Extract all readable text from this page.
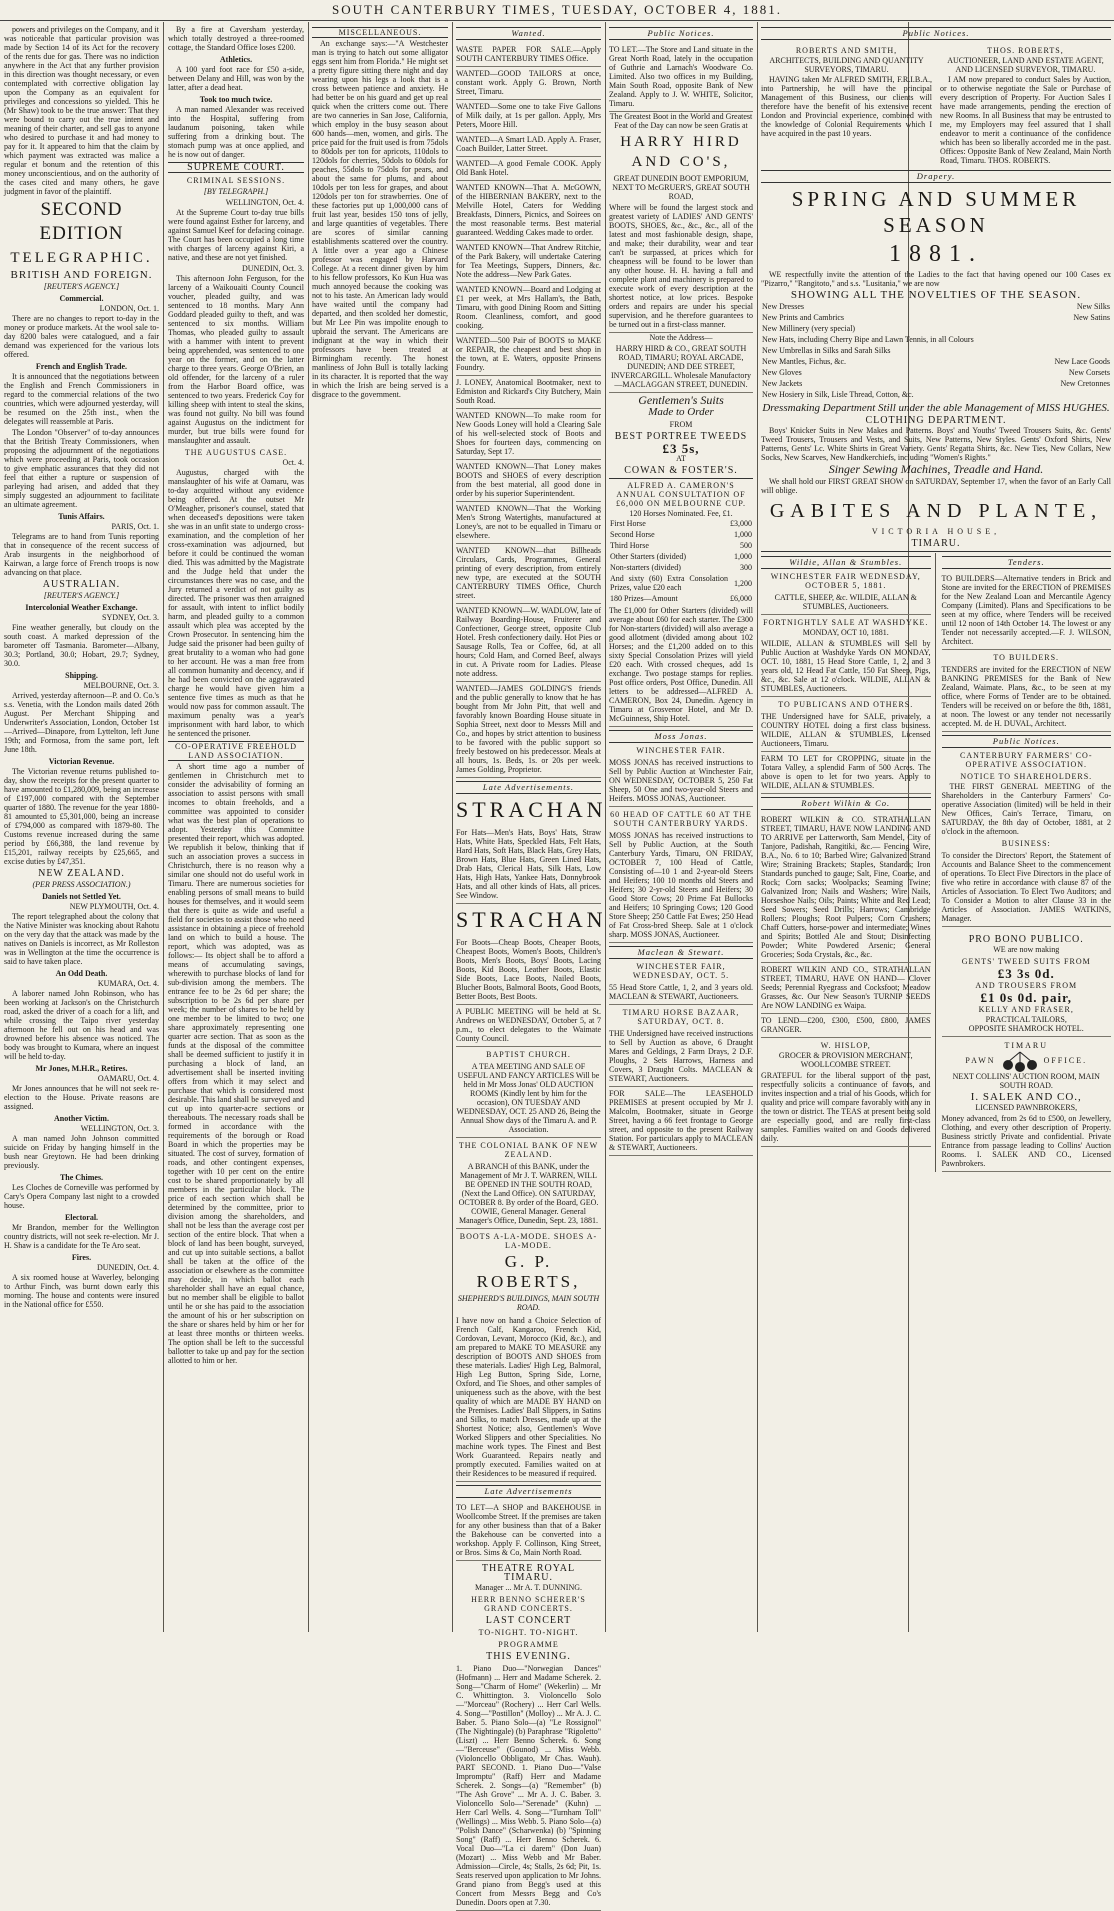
SOUTH CANTERBURY TIMES, TUESDAY, OCTOBER 4, 1881.

powers and privileges on the Company, and it was noticeable that particular provision was made by Section 14 of its Act for the recovery of the rents due for gas. There was no indiction anywhere in the Act that any further provision in this direction was thought necessary, or even contemplated with corrective obligation lay upon the Company as an equivalent for privileges and concessions so yielded. This he (Mr Shaw) took to be the true answer: That they were bound to carry out the true intent and meaning of their charter, and sell gas to anyone who desired to purchase it and had money to pay for it. It appeared to him that the claim by which payment was extracted was malice a regular et bonum and the retention of this money unconscientious, and on the authority of the cases cited and many others, he gave judgment in favor of the plaintiff.

SECOND EDITION
TELEGRAPHIC.
BRITISH AND FOREIGN.
[REUTER'S AGENCY.]
Commercial.
LONDON, Oct. 1.

There are no changes to report to-day in the money or produce markets. At the wool sale to-day 8200 bales were catalogued, and a fair demand was experienced for the various lots offered.

French and English Trade.

It is announced that the negotiations between the English and French Commissioners in regard to the commercial relations of the two countries, which were adjourned yesterday, will be resumed on the 25th inst., when the delegates will reassemble at Paris.

The London "Observer" of to-day announces that the British Treaty Commissioners, when proposing the adjournment of the negotiations which were proceeding at Paris, took occasion to give emphatic assurances that they did not feel that either a rupture or suspension of parleying had arisen, and added that they simply suggested an adjournment to facilitate an ultimate agreement.

Tunis Affairs.
PARIS, Oct. 1.

Telegrams are to hand from Tunis reporting that in consequence of the recent success of Arab insurgents in the neighborhood of Kairwan, a large force of French troops is now advancing on that place.

AUSTRALIAN.
[REUTER'S AGENCY.]
Intercolonial Weather Exchange.
SYDNEY, Oct. 3.

Fine weather generally, but cloudy on the south coast. A marked depression of the barometer off Tasmania. Barometer—Albany, 30.3; Portland, 30.0; Hobart, 29.7; Sydney, 30.0.

Shipping.
MELBOURNE, Oct. 3.

Arrived, yesterday afternoon—P. and O. Co.'s s.s. Venetia, with the London mails dated 26th August. Per Merchant Shipping and Underwriter's Association, London, October 1st—Arrived—Dinapore, from Lyttelton, left June 19th; and Formosa, from the same port, left June 18th.

Victorian Revenue.

The Victorian revenue returns published to-day, show the receipts for the present quarter to have amounted to £1,280,009, being an increase of £197,000 compared with the September quarter of 1880. The revenue for the year 1880-81 amounted to £5,301,000, being an increase of £794,000 as compared with 1879-80. The Customs revenue increased during the same period by £66,388, the land revenue by £15,201, railway receipts by £25,665, and excise duties by £47,351.

NEW ZEALAND.
(PER PRESS ASSOCIATION.)
Daniels not Settled Yet.
NEW PLYMOUTH, Oct. 4.

The report telegraphed about the colony that the Native Minister was knocking about Rahotu on the very day that the attack was made by the natives on Daniels is incorrect, as Mr Rolleston was in Wellington at the time the occurrence is said to have taken place.

An Odd Death.
KUMARA, Oct. 4.

A laborer named John Robinson, who has been working at Jackson's on the Christchurch road, asked the driver of a coach for a lift, and while crossing the Taipo river yesterday afternoon he fell out on his head and was drowned before his absence was noticed. The body was brought to Kumara, where an inquest will be held to-day.

Mr Jones, M.H.R., Retires.
OAMARU, Oct. 4.

Mr Jones announces that he will not seek re-election to the House. Private reasons are assigned.

Another Victim.
WELLINGTON, Oct. 3.

A man named John Johnson committed suicide on Friday by hanging himself in the bush near Greytown. He had been drinking previously.

The Chimes.

Les Cloches de Corneville was performed by Cary's Opera Company last night to a crowded house.

Electoral.

Mr Brandon, member for the Wellington country districts, will not seek re-election. Mr J. H. Shaw is a candidate for the Te Aro seat.

Fires.
DUNEDIN, Oct. 4.

A six roomed house at Waverley, belonging to Arthur Finch, was burnt down early this morning. The house and contents were insured in the National office for £550.

By a fire at Caversham yesterday, which totally destroyed a three-roomed cottage, the Standard Office loses £200.

Athletics.

A 100 yard foot race for £50 a-side, between Delany and Hill, was won by the latter, after a dead heat.

Took too much twice.

A man named Alexander was received into the Hospital, suffering from laudanum poisoning, taken while suffering from a drinking bout. The stomach pump was at once applied, and he is now out of danger.

SUPREME COURT.
CRIMINAL SESSIONS.
[BY TELEGRAPH.]
WELLINGTON, Oct. 4.

At the Supreme Court to-day true bills were found against Esther for larceny, and against Samuel Keef for defacing coinage. The Court has been occupied a long time with charges of larceny against Kiri, a native, and these are not yet finished.

DUNEDIN, Oct. 3.

This afternoon John Ferguson, for the larceny of a Waikouaiti County Council voucher, pleaded guilty, and was sentenced to 18 months. Mary Ann Goddard pleaded guilty to theft, and was sentenced to six months. William Thomas, who pleaded guilty to assault with a hammer with intent to prevent being apprehended, was sentenced to one year on the former, and on the latter charge to three years. George O'Brien, an old offender, for the larceny of a ruler from the Harbor Board office, was sentenced to two years. Frederick Coy for killing sheep with intent to steal the skins, was found not guilty. No bill was found against Augustus on the indictment for murder, but true bills were found for manslaughter and assault.

THE AUGUSTUS CASE.
Oct. 4.

Augustus, charged with the manslaughter of his wife at Oamaru, was to-day acquitted without any evidence being offered. At the outset Mr O'Meagher, prisoner's counsel, stated that when deceased's depositions were taken she was in an unfit state to undergo cross-examination, and the completion of her cross-examination was adjourned, but before it could be continued the woman died. This was admitted by the Magistrate and the Judge held that under the circumstances there was no case, and the Jury returned a verdict of not guilty as directed. The prisoner was then arraigned for assault, with intent to inflict bodily harm, and pleaded guilty to a common assault which plea was accepted by the Crown Prosecutor. In sentencing him the Judge said the prisoner had been guilty of great brutality to a woman who had gone to her account. He was a man free from all common humanity and decency, and if he had been convicted on the aggravated charge he would have given him a sentence five times as much as that he would now pass for common assault. The maximum penalty was a year's imprisonment with hard labor, to which he sentenced the prisoner.

CO-OPERATIVE FREEHOLD LAND ASSOCIATION.

A short time ago a number of gentlemen in Christchurch met to consider the advisability of forming an association to assist persons with small incomes to obtain freeholds, and a committee was appointed to consider what was the best plan of operations to adopt. Yesterday this Committee presented their report, which was adopted. We republish it below, thinking that if such an association proves a success in Christchurch, there is no reason why a similar one should not do useful work in Timaru. There are numerous societies for enabling persons of small means to build houses for themselves, and it would seem that there is quite as wide and useful a field for societies to assist those who need assistance in obtaining a piece of freehold land on which to build a house. The report, which was adopted, was as follows:— Its object shall be to afford a means of accumulating savings, wherewith to purchase blocks of land for sub-division among the members. The entrance fee to be 2s 6d per share; the subscription to be 2s 6d per share per week; the number of shares to be held by one member to be limited to two; one share approximately representing one quarter acre section. That as soon as the funds at the disposal of the committee shall be deemed sufficient to justify it in purchasing a block of land, an advertisement shall be inserted inviting offers from which it may select and purchase that which is considered most desirable. This land shall be surveyed and cut up into quarter-acre sections or thereabouts. The necessary roads shall be formed in accordance with the requirements of the borough or Road Board in which the properties may be situated. The cost of survey, formation of roads, and other contingent expenses, together with 10 per cent on the entire cost to be shared proportionately by all members in the particular block. The price of each section which shall be determined by the committee, prior to division among the shareholders, and shall not be less than the average cost per section of the entire block. That when a block of land has been bought, surveyed, and cut up into suitable sections, a ballot shall be taken at the office of the association or elsewhere as the committee may decide, in which ballot each shareholder shall have an equal chance, but no member shall be eligible to ballot until he or she has paid to the association the amount of his or her subscription on the share or shares held by him or her for at least three months or thirteen weeks. The option shall be left to the successful ballotter to take up and pay for the section allotted to him or her.

MISCELLANEOUS.

An exchange says:—"A Westchester man is trying to hatch out some alligator eggs sent him from Florida." He might set a pretty figure sitting there night and day wearing upon his legs a look that is a cross between patience and anxiety. He had better be on his guard and get up real quick when the critters come out. There are two canneries in San Jose, California, which employ in the busy season about 600 hands—men, women, and girls. The price paid for the fruit used is from 75dols to 80dols per ton for apricots, 110dols to 120dols for cherries, 50dols to 60dols for peaches, 55dols to 75dols for pears, and about the same for plums, and about 10dols per ton less for grapes, and about 120dols per ton for strawberries. One of these factories put up 1,000,000 cans of fruit last year, besides 150 tons of jelly, and large quantities of vegetables. There are scores of similar canning establishments scattered over the country. A little over a year ago a Chinese professor was engaged by Harvard College. At a recent dinner given by him to his fellow professors, Ko Kun Hua was much annoyed because the cooking was not to his taste. An American lady would have waited until the company had departed, and then scolded her domestic, but Mr Lee Pin was impolite enough to upbraid the servant. The Americans are indignant at the way in which their professors have been treated at Birmingham recently. The honest manliness of John Bull is totally lacking in its character. It is reported that the way in which the Irish are being served is a disgrace to the government.

Wanted.
WASTE PAPER FOR SALE.—Apply SOUTH CANTERBURY TIMES Office.
WANTED—GOOD TAILORS at once, constant work. Apply G. Brown, North Street, Timaru.
WANTED—Some one to take Five Gallons of Milk daily, at 1s per gallon. Apply, Mrs Peters, Moore Hill.
WANTED—A Smart LAD. Apply A. Fraser, Coach Builder, Latter Street.
WANTED—A good Female COOK. Apply Old Bank Hotel.
WANTED KNOWN—That A. McGOWN, of the HIBERNIAN BAKERY, next to the Melville Hotel, Caters for Wedding Breakfasts, Dinners, Picnics, and Soirees on the most reasonable terms. Best material guaranteed. Wedding Cakes made to order.
WANTED KNOWN—That Andrew Ritchie, of the Park Bakery, will undertake Catering for Tea Meetings, Suppers, Dinners, &c. Note the address—New Park Gates.
WANTED KNOWN—Board and Lodging at £1 per week, at Mrs Hallam's, the Bath, Timaru, with good Dining Room and Sitting Room. Cleanliness, comfort, and good cooking.
WANTED—500 Pair of BOOTS to MAKE or REPAIR, the cheapest and best shop in the town, at E. Waters, opposite Prinsens Foundry.
J. LONEY, Anatomical Bootmaker, next to Edmiston and Rickard's City Butchery, Main South Road.
WANTED KNOWN—To make room for New Goods Loney will hold a Clearing Sale of his well-selected stock of Boots and Shoes for fourteen days, commencing on Saturday, Sept 17.
WANTED KNOWN—That Loney makes BOOTS and SHOES of every description from the best material, all good done in order by his superior Superintendent.
WANTED KNOWN—That the Working Men's Strong Watertights, manufactured at Loney's, are not to be equalled in Timaru or elsewhere.
WANTED KNOWN—that Billheads Circulars, Cards, Programmes, General printing of every description, from entirely new type, are executed at the SOUTH CANTERBURY TIMES Office, Church street.
WANTED KNOWN—W. WADLOW, late of Railway Boarding-House, Fruiterer and Confectioner, George street, opposite Club Hotel. Fresh confectionery daily. Hot Pies or Sausage Rolls, Tea or Coffee, 6d, at all hours; Cold Ham, and Corned Beef, always in cut. A Private room for Ladies. Please note address.
WANTED—JAMES GOLDING'S friends and the public generally to know that he has bought from Mr John Pitt, that well and favorably known Boarding House situate in Sophia Street, next door to Messrs Mill and Co., and hopes by strict attention to business to be favored with the public support so freely bestowed on his predecessor. Meals at all hours, 1s. Beds, 1s. or 20s per week. James Golding, Proprietor.
Late Advertisements.
STRACHAN
For Hats—Men's Hats, Boys' Hats, Straw Hats, White Hats, Speckled Hats, Felt Hats, Hard Hats, Soft Hats, Black Hats, Grey Hats, Brown Hats, Blue Hats, Green Lined Hats, Drab Hats, Clerical Hats, Silk Hats, Low Hats, High Hats, Yankee Hats, Donnybrook Hats, and all other kinds of Hats, all prices. See Window.
STRACHAN
For Boots—Cheap Boots, Cheaper Boots, Cheapest Boots, Women's Boots, Children's Boots, Men's Boots, Boys' Boots, Lacing Boots, Kid Boots, Leather Boots, Elastic Side Boots, Lace Boots, Nailed Boots, Blucher Boots, Balmoral Boots, Good Boots, Better Boots, Best Boots.
A PUBLIC MEETING will be held at St. Andrews on WEDNESDAY, October 5, at 7 p.m., to elect delegates to the Waimate County Council.
BAPTIST CHURCH.
A TEA MEETING AND SALE OF USEFUL AND FANCY ARTICLES Will be held in Mr Moss Jonas' OLD AUCTION ROOMS (Kindly lent by him for the occasion), ON TUESDAY AND WEDNESDAY, OCT. 25 AND 26, Being the Annual Show days of the Timaru A. and P. Association.
THE COLONIAL BANK OF NEW ZEALAND.
A BRANCH of this BANK, under the Management of Mr J. T. WARREN, WILL BE OPENED IN THE SOUTH ROAD, (Next the Land Office). ON SATURDAY, OCTOBER 8. By order of the Board, GEO. COWIE, General Manager. General Manager's Office, Dunedin, Sept. 23, 1881.
BOOTS A-LA-MODE. SHOES A-LA-MODE.
G. P. ROBERTS,
SHEPHERD'S BUILDINGS, MAIN SOUTH ROAD.
I have now on hand a Choice Selection of French Calf, Kangaroo, French Kid, Cordovan, Levant, Morocco (Kid, &c.), and am prepared to MAKE TO MEASURE any description of BOOTS AND SHOES from these materials. Ladies' High Leg, Balmoral, High Leg Button, Spring Side, Lorne, Oxford, and Tie Shoes, and other samples of uniqueness such as the above, with the best quality of which are MADE BY HAND on the Premises. Ladies' Ball Slippers, in Satins and Silks, to match Dresses, made up at the Shortest Notice; also, Gentlemen's Wove Worked Slippers and other Specialities. No machine work types. The Finest and Best Work Guaranteed. Repairs neatly and promptly executed. Families waited on at their Residences to be measured if required.
Late Advertisements
TO LET—A SHOP and BAKEHOUSE in Woollcombe Street. If the premises are taken for any other business than that of a Baker the Bakehouse can be converted into a workshop. Apply F. Collinson, King Street, or Bros. Sims & Co, Main North Road.
THEATRE ROYAL TIMARU.
Manager ... Mr A. T. DUNNING.
HERR BENNO SCHERER'S GRAND CONCERTS.
LAST CONCERT
TO-NIGHT. TO-NIGHT.
PROGRAMME
THIS EVENING.
1. Piano Duo—"Norwegian Dances" (Hofmann) ... Herr and Madame Scherek. 2. Song—"Charm of Home" (Wekerlin) ... Mr C. Whittington. 3. Violoncello Solo—"Morceau" (Rochery) ... Herr Carl Wells. 4. Song—"Postillon" (Molloy) ... Mr A. J. C. Baber. 5. Piano Solo—(a) "Le Rossignol" (The Nightingale) (b) Paraphrase "Rigoletto" (Liszt) ... Herr Benno Scherek. 6. Song—"Berceuse" (Gounod) ... Miss Webb. (Violoncello Obbligato, Mr Chas. Wauh). PART SECOND. 1. Piano Duo—"Valse Impromptu" (Raff) Herr and Madame Scherek. 2. Songs—(a) "Remember" (b) "The Ash Grove" ... Mr A. J. C. Baber. 3. Violoncello Solo—"Serenade" (Kuhn) ... Herr Carl Wells. 4. Song—"Turnham Toll" (Wellings) ... Miss Webb. 5. Piano Solo—(a) "Polish Dance" (Scharwenka) (b) "Spinning Song" (Raff) ... Herr Benno Scherek. 6. Vocal Duo—"La ci darem" (Don Juan) (Mozart) ... Miss Webb and Mr Baber. Admission—Circle, 4s; Stalls, 2s 6d; Pit, 1s. Seats reserved upon application to Mr Johns. Grand piano from Begg's used at this Concert from Messrs Begg and Co's Dunedin. Doors open at 7.30.
Public Notices.
TO LET.—The Store and Land situate in the Great North Road, lately in the occupation of Guthrie and Larnach's Woodware Co. Limited. Also two offices in my Building, Main South Road, opposite Bank of New Zealand. Apply to J. W. WHITE, Solicitor, Timaru.
The Greatest Boot in the World and Greatest Feat of the Day can now be seen Gratis at
HARRY HIRD AND CO'S,
GREAT DUNEDIN BOOT EMPORIUM, NEXT TO McGRUER'S, GREAT SOUTH ROAD,
Where will be found the largest stock and greatest variety of LADIES' AND GENTS' BOOTS, SHOES, &c., &c., &c., all of the latest and most fashionable design, shape, and make; their durability, wear and tear can't be surpassed, at prices which for cheapness will be found to be lower than any other house. H. H. having a full and complete plant and machinery is prepared to execute work of every description at the shortest notice, at low prices. Bespoke orders and repairs are under his special supervision, and he therefore guarantees to be turned out in a first-class manner.
Note the Address—
HARRY HIRD & CO., GREAT SOUTH ROAD, TIMARU; ROYAL ARCADE, DUNEDIN; AND DEE STREET, INVERCARGILL. Wholesale Manufactory—MACLAGGAN STREET, DUNEDIN.
Gentlemen's Suits
Made to Order
FROM
BEST PORTREE TWEEDS
£3 5s,
AT
COWAN & FOSTER'S.
ALFRED A. CAMERON'S ANNUAL CONSULTATION OF £6,000 ON MELBOURNE CUP.
120 Horses Nominated. Fee, £1.
First Horse	£3,000
Second Horse	1,000
Third Horse	500
Other Starters (divided)	1,000
Non-starters (divided)	300
And sixty (60) Extra Consolation Prizes, value £20 each	1,200
180 Prizes—Amount	£6,000
The £1,000 for Other Starters (divided) will average about £60 for each starter. The £300 for Non-starters (divided) will also average a good allotment (divided among about 102 Horses; and the £1,200 added on to this sixty Special Consolation Prizes will yield £20 each. With crossed cheques, add 1s exchange. Two postage stamps for replies. Post office orders, Post Office, Dunedin. All letters to be addressed—ALFRED A. CAMERON, Box 24, Dunedin. Agency in Timaru at Grosvenor Hotel, and Mr D. McGuinness, Ship Hotel.
Moss Jonas.
WINCHESTER FAIR.
MOSS JONAS has received instructions to Sell by Public Auction at Winchester Fair, ON WEDNESDAY, OCTOBER 5, 250 Fat Sheep, 50 One and two-year-old Steers and Heifers. MOSS JONAS, Auctioneer.
60 HEAD OF CATTLE 60 AT THE SOUTH CANTERBURY YARDS.
MOSS JONAS has received instructions to Sell by Public Auction, at the South Canterbury Yards, Timaru, ON FRIDAY, OCTOBER 7, 100 Head of Cattle, Consisting of—10 1 and 2-year-old Steers and Heifers; 100 10 months old Steers and Heifers; 30 2-yr-old Steers and Heifers; 30 Good Store Cows; 20 Prime Fat Bullocks and Heifers; 10 Springing Cows; 120 Good Store Sheep; 250 Cattle Fat Ewes; 250 Head of Fat Cross-bred Sheep. Sale at 1 o'clock sharp. MOSS JONAS, Auctioneer.
Maclean & Stewart.
WINCHESTER FAIR, WEDNESDAY, OCT. 5.
55 Head Store Cattle, 1, 2, and 3 years old. MACLEAN & STEWART, Auctioneers.
TIMARU HORSE BAZAAR, SATURDAY, OCT. 8.
THE Undersigned have received instructions to Sell by Auction as above, 6 Draught Mares and Geldings, 2 Farm Drays, 2 D.F. Ploughs, 2 Sets Harrows, Harness and Covers, 3 Draught Colts. MACLEAN & STEWART, Auctioneers.
FOR SALE—The LEASEHOLD PREMISES at present occupied by Mr J. Malcolm, Bootmaker, situate in George Street, having a 66 feet frontage to George street, and opposite to the present Railway Station. For particulars apply to MACLEAN & STEWART, Auctioneers.
Public Notices.
ROBERTS AND SMITH,
ARCHITECTS, BUILDING AND QUANTITY SURVEYORS, TIMARU.

HAVING taken Mr ALFRED SMITH, F.R.I.B.A., into Partnership, he will have the principal Management of this Business, our clients will therefore have the benefit of his extensive recent London and Provincial experience, combined with the knowledge of Colonial Requirements which I have acquired in the past 10 years.

THOS. ROBERTS,
AUCTIONEER, LAND AND ESTATE AGENT, AND LICENSED SURVEYOR, TIMARU.

I AM now prepared to conduct Sales by Auction, or to otherwise negotiate the Sale or Purchase of every description of Property. For Auction Sales I have made arrangements, pending the erection of new Rooms. In all Business that may be entrusted to me, my Employers may feel assured that I shall endeavor to merit a continuance of the confidence which has been so liberally accorded me in the past. Offices: Opposite Bank of New Zealand, Main North Road, Timaru. THOS. ROBERTS.

Drapery.
SPRING AND SUMMER SEASON
1881.

WE respectfully invite the attention of the Ladies to the fact that having opened our 100 Cases ex "Pizarro," "Rangitoto," and s.s. "Lusitania," we are now

SHOWING ALL THE NOVELTIES OF THE SEASON.
New Dresses	New Silks
New Prints and Cambrics	New Satins
New Millinery (very special)	
New Hats, including Cherry Bipe and Lawn Tennis, in all Colours	
New Umbrellas in Silks and Sarah Silks	
New Mantles, Fichus, &c.	New Lace Goods
New Gloves	New Corsets
New Jackets	New Cretonnes
New Hosiery in Silk, Lisle Thread, Cotton, &c.	
Dressmaking Department Still under the able Management of MISS HUGHES.
CLOTHING DEPARTMENT.

Boys' Knicker Suits in New Makes and Patterns. Boys' and Youths' Tweed Trousers Suits, &c. Gents' Tweed Trousers, Trousers and Vests, and Suits, New Patterns, New Styles. Gents' Oxford Shirts, New Patterns, Gents' Lc. White Shirts in Great Variety. Gents' Regatta Shirts, &c. New Ties, New Collars, New Socks, New Scarves, New Handkerchiefs, including "Women's Rights."

Singer Sewing Machines, Treadle and Hand.

We shall hold our FIRST GREAT SHOW on SATURDAY, September 17, when the favor of an Early Call will oblige.

GABITES AND PLANTE,
VICTORIA HOUSE,
TIMARU.
Wildie, Allan & Stumbles.
WINCHESTER FAIR WEDNESDAY, OCTOBER 5, 1881.
CATTLE, SHEEP, &c. WILDIE, ALLAN & STUMBLES, Auctioneers.
FORTNIGHTLY SALE AT WASHDYKE.
MONDAY, OCT 10, 1881.
WILDIE, ALLAN & STUMBLES will Sell by Public Auction at Washdyke Yards ON MONDAY, OCT. 10, 1881, 15 Head Store Cattle, 1, 2, and 3 years old, 12 Head Fat Cattle, 150 Fat Sheep, Pigs, &c., &c. Sale at 12 o'clock. WILDIE, ALLAN & STUMBLES, Auctioneers.
TO PUBLICANS AND OTHERS.
THE Undersigned have for SALE, privately, a COUNTRY HOTEL doing a first class business. WILDIE, ALLAN & STUMBLES, Licensed Auctioneers, Timaru.
FARM TO LET for CROPPING, situate in the Totara Valley, a splendid Farm of 500 Acres. The above is open to let for two years. Apply to WILDIE, ALLAN & STUMBLES.
Robert Wilkin & Co.
ROBERT WILKIN & CO. STRATHALLAN STREET, TIMARU, HAVE NOW LANDING AND TO ARRIVE per Latterworth, Sam Mendel, City of Tanjore, Padishah, Rangitiki, &c.— Fencing Wire, B.A., No. 6 to 10; Barbed Wire; Galvanized Strand Wire; Straining Brackets; Staples, Standards; Iron Standards punched to gauge; Salt, Fine, Coarse, and Rock; Corn sacks; Woolpacks; Seaming Twine; Galvanized Iron; Nails and Washers; Wire Nails, Horseshoe Nails; Oils; Paints; White and Red Lead; Seed Sowers; Seed Drills; Harrows; Cambridge Rollers; Ploughs; Root Pulpers; Corn Crushers; Chaff Cutters, horse-power and intermediate; Wines and Spirits; Bottled Ale and Stout; Disinfecting Powder; White Powdered Arsenic; General Groceries; Soda Crystals, &c., &c.
ROBERT WILKIN AND CO., STRATHALLAN STREET, TIMARU, HAVE ON HAND— Clover Seeds; Perennial Ryegrass and Cocksfoot; Meadow Grasses, &c. Our New Season's TURNIP SEEDS Are NOW LANDING ex Waipa.
TO LEND—£200, £300, £500, £800, JAMES GRANGER.
W. HISLOP,
GROCER & PROVISION MERCHANT, WOOLLCOMBE STREET.
GRATEFUL for the liberal support of the past, respectfully solicits a continuance of favors, and invites inspection and a trial of his Goods, which for quality and price will compare favorably with any in the town or district. The TEAS at present being sold are especially good, and are really first-class samples. Families waited on and Goods delivered daily.
Tenders.
TO BUILDERS—Alternative tenders in Brick and Stone are invited for the ERECTION of PREMISES for the New Zealand Loan and Mercantile Agency Company (Limited). Plans and Specifications to be seen at my office, where Tenders will be received until 12 noon of 14th October 14. The lowest or any Tender not necessarily accepted.—F. J. WILSON, Architect.
TO BUILDERS.
TENDERS are invited for the ERECTION of NEW BANKING PREMISES for the Bank of New Zealand, Waimate. Plans, &c., to be seen at my office, where Forms of Tender are to be obtained. Tenders will be received on or before the 8th, 1881, at noon. The lowest or any tender not necessarily accepted. M. de H. DUVAL, Architect.
Public Notices.
CANTERBURY FARMERS' CO-OPERATIVE ASSOCIATION.
NOTICE TO SHAREHOLDERS.

THE FIRST GENERAL MEETING of the Shareholders in the Canterbury Farmers' Co-operative Association (limited) will be held in their New Offices, Cain's Terrace, Timaru, on SATURDAY, the 8th day of October, 1881, at 2 o'clock in the afternoon.

BUSINESS:
To consider the Directors' Report, the Statement of Accounts and Balance Sheet to the commencement of operations. To Elect Five Directors in the place of five who retire in accordance with clause 87 of the Articles of Association. To Elect Two Auditors; and To Consider a Motion to alter Clause 33 in the Articles of Association. JAMES WATKINS, Manager.
PRO BONO PUBLICO.
WE are now making
GENTS' TWEED SUITS FROM
£3 3s 0d.
AND TROUSERS FROM
£1 0s 0d. pair,
KELLY AND FRASER,
PRACTICAL TAILORS,
OPPOSITE SHAMROCK HOTEL.
TIMARU
PAWN	OFFICE.
NEXT COLLINS' AUCTION ROOM, MAIN SOUTH ROAD.
I. SALEK AND CO.,
LICENSED PAWNBROKERS,
Money advanced, from 2s 6d to £500, on Jewellery, Clothing, and every other description of Property. Business strictly Private and confidential. Private Entrance from passage leading to Collins' Auction Rooms. I. SALEK AND CO., Licensed Pawnbrokers.
